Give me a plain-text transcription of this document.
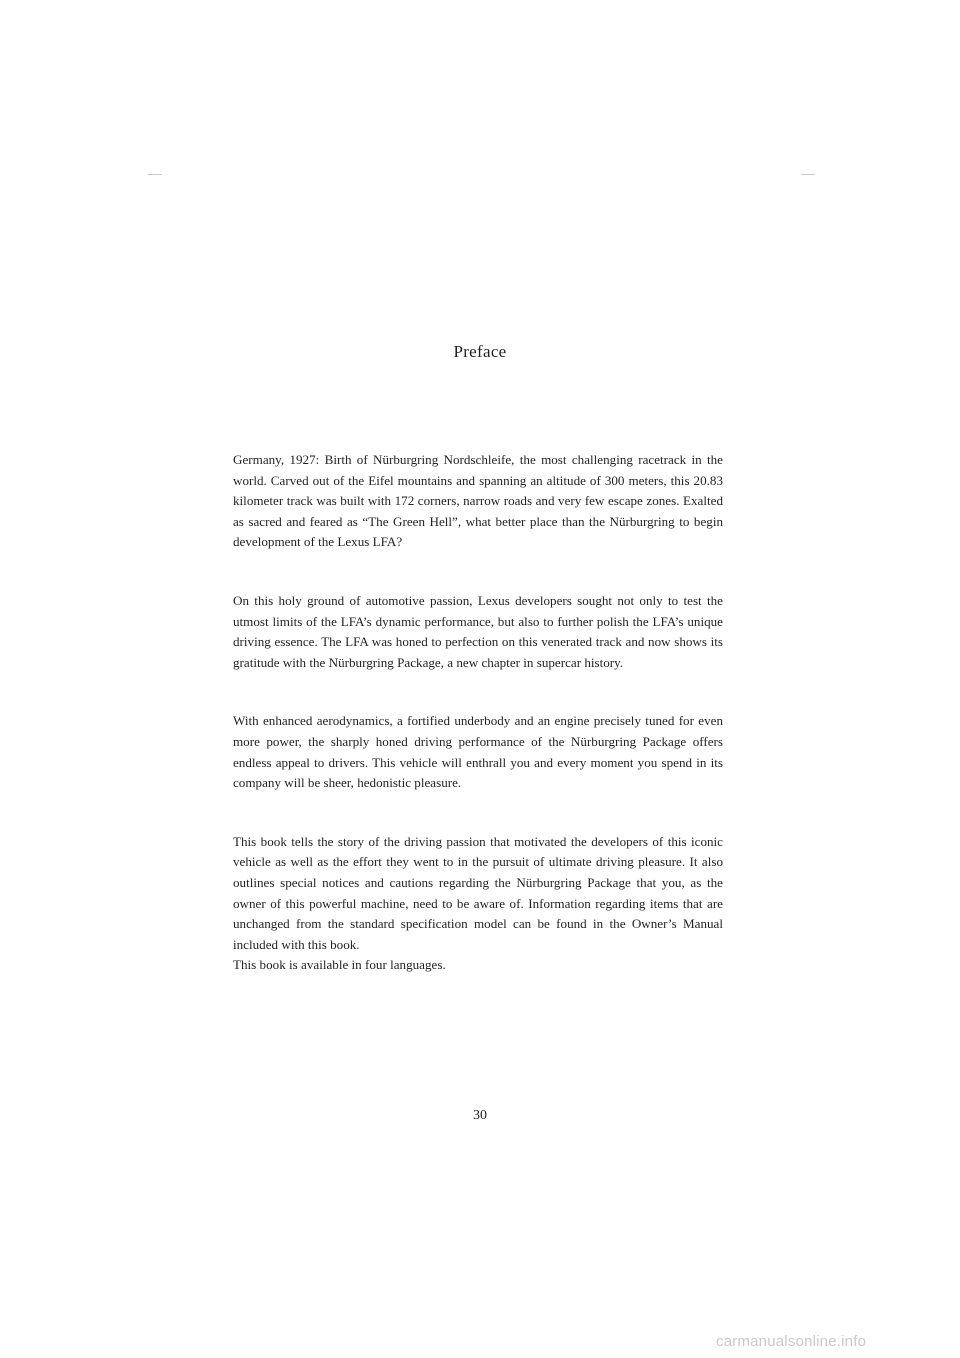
Preface

Germany, 1927: Birth of Nürburgring Nordschleife, the most challenging racetrack in the world. Carved out of the Eifel mountains and spanning an altitude of 300 meters, this 20.83 kilometer track was built with 172 corners, narrow roads and very few escape zones. Exalted as sacred and feared as “The Green Hell”, what better place than the Nürburgring to begin development of the Lexus LFA?

On this holy ground of automotive passion, Lexus developers sought not only to test the utmost limits of the LFA’s dynamic performance, but also to further polish the LFA’s unique driving essence. The LFA was honed to perfection on this venerated track and now shows its gratitude with the Nürburgring Package, a new chapter in supercar history.

With enhanced aerodynamics, a fortified underbody and an engine precisely tuned for even more power, the sharply honed driving performance of the Nürburgring Package offers endless appeal to drivers. This vehicle will enthrall you and every moment you spend in its company will be sheer, hedonistic pleasure.

This book tells the story of the driving passion that motivated the developers of this iconic vehicle as well as the effort they went to in the pursuit of ultimate driving pleasure. It also outlines special notices and cautions regarding the Nürburgring Package that you, as the owner of this powerful machine, need to be aware of. Information regarding items that are unchanged from the standard specification model can be found in the Owner’s Manual included with this book.
This book is available in four languages.

30
carmanualsonline.info
